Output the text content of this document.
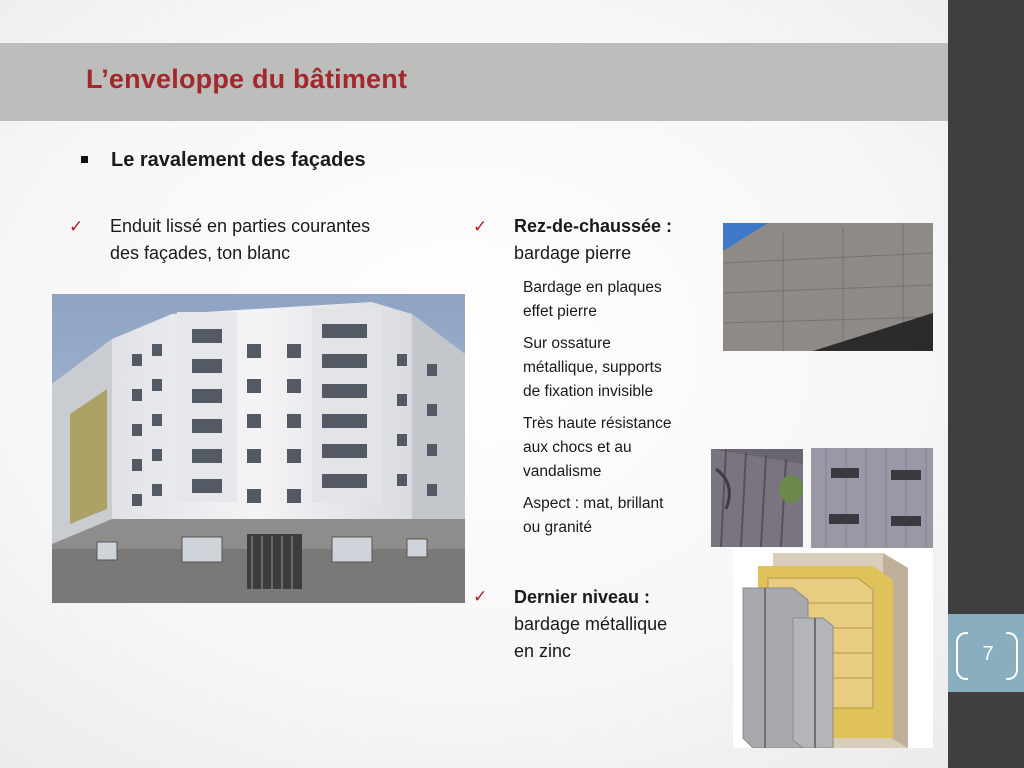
L’enveloppe du bâtiment
7
Le ravalement des façades
✓ Enduit lissé en parties courantes
des façades, ton blanc
✓ Rez-de-chaussée :
bardage pierre
Bardage en plaques
effet pierre
Sur ossature
métallique, supports
de fixation invisible
Très haute résistance
aux chocs et au
vandalisme
Aspect : mat, brillant
ou granité
✓ Dernier niveau :
bardage métallique
en zinc
